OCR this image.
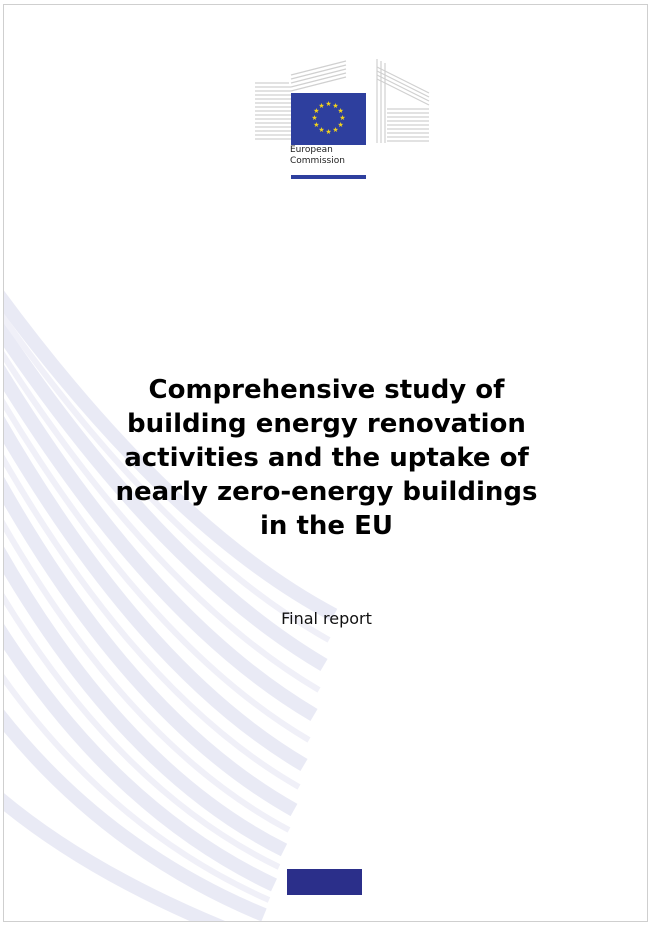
★ ★
★
★
★
★
★
★
★
★
★
★
European
Commission
Comprehensive study of
building energy renovation
activities and the uptake of
nearly zero-energy buildings
in the EU
Final report
